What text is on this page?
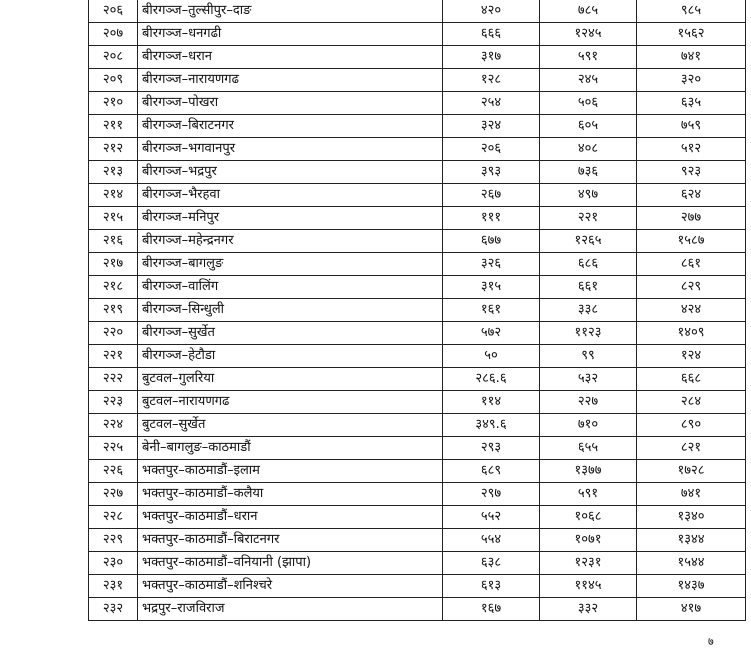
२०६	बीरगञ्ज–तुल्सीपुर–दाङ	४२०	७८५	९८५
२०७	बीरगञ्ज–धनगढी	६६६	१२४५	१५६२
२०८	बीरगञ्ज–धरान	३१७	५९१	७४१
२०९	बीरगञ्ज–नारायणगढ	१२८	२४५	३२०
२१०	बीरगञ्ज–पोखरा	२५४	५०६	६३५
२११	बीरगञ्ज–बिराटनगर	३२४	६०५	७५९
२१२	बीरगञ्ज–भगवानपुर	२०६	४०८	५१२
२१३	बीरगञ्ज–भद्रपुर	३९३	७३६	९२३
२१४	बीरगञ्ज–भैरहवा	२६७	४९७	६२४
२१५	बीरगञ्ज–मनिपुर	१११	२२१	२७७
२१६	बीरगञ्ज–महेन्द्रनगर	६७७	१२६५	१५८७
२१७	बीरगञ्ज–बागलुङ	३२६	६८६	८६१
२१८	बीरगञ्ज–वालिंग	३१५	६६१	८२९
२१९	बीरगञ्ज–सिन्धुली	१६१	३३८	४२४
२२०	बीरगञ्ज–सुर्खेत	५७२	११२३	१४०९
२२१	बीरगञ्ज–हेटौडा	५०	९९	१२४
२२२	बुटवल–गुलरिया	२८६.६	५३२	६६८
२२३	बुटवल–नारायणगढ	११४	२२७	२८४
२२४	बुटवल–सुर्खेत	३४९.६	७१०	८९०
२२५	बेनी–बागलुङ–काठमाडौं	२९३	६५५	८२१
२२६	भक्तपुर–काठमाडौं–इलाम	६८९	१३७७	१७२८
२२७	भक्तपुर–काठमाडौं–कलैया	२९७	५९१	७४१
२२८	भक्तपुर–काठमाडौं–धरान	५५२	१०६८	१३४०
२२९	भक्तपुर–काठमाडौं–बिराटनगर	५५४	१०७१	१३४४
२३०	भक्तपुर–काठमाडौं–वनियानी (झापा)	६३८	१२३१	१५४४
२३१	भक्तपुर–काठमाडौं–शनिश्चरे	६१३	११४५	१४३७
२३२	भद्रपुर–राजविराज	१६७	३३२	४१७
७
